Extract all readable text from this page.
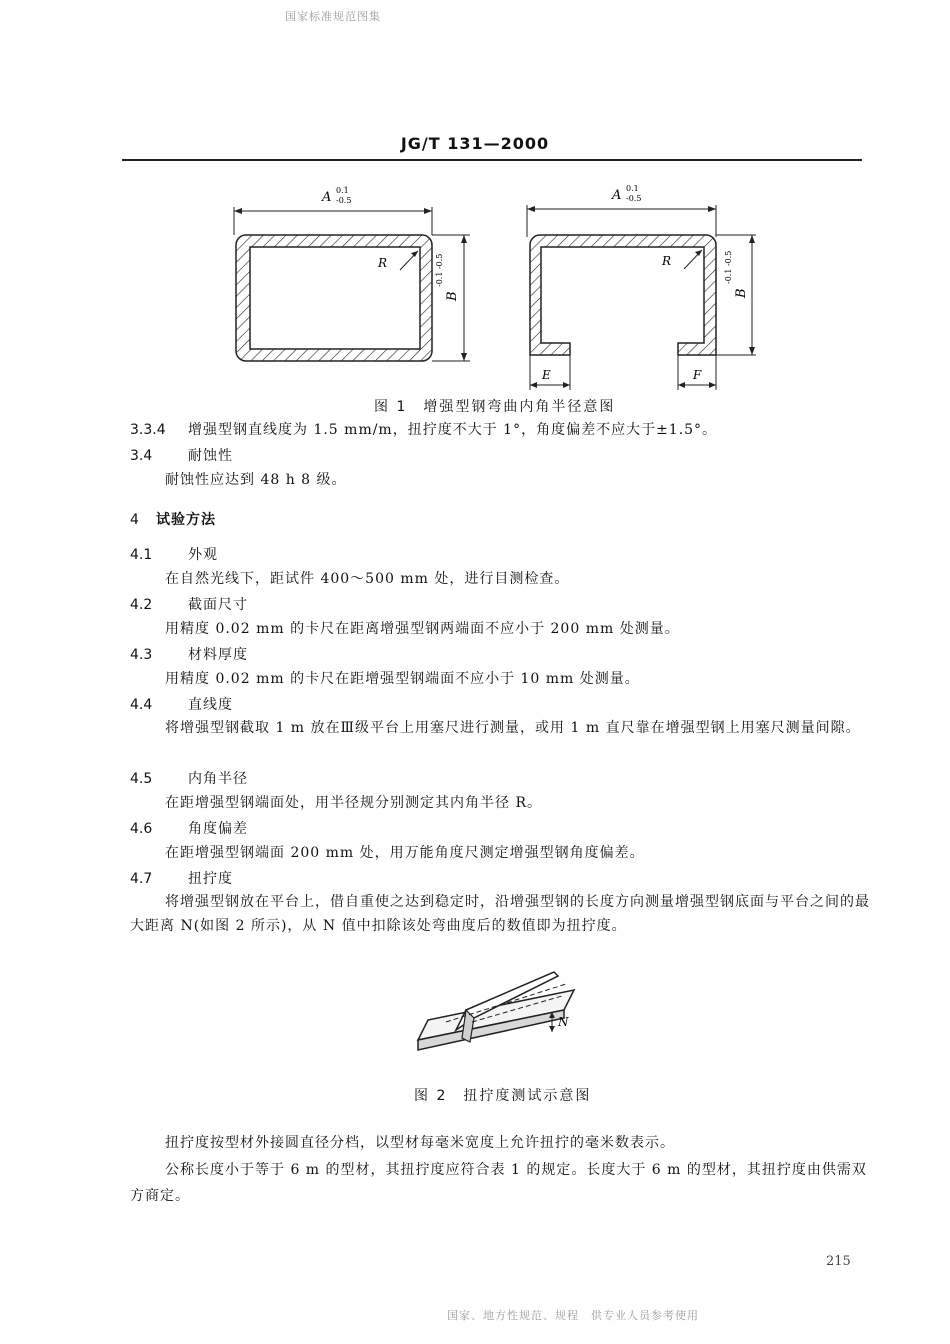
国家标准规范图集
JG/T 131—2000
A 0.1
-0.5
R
B
-0.1 -0.5
A 0.1
-0.5
R
B
-0.1 -0.5
E	F
图 1　增强型钢弯曲内角半径意图
3.3.4 增强型钢直线度为 1.5 mm/m，扭拧度不大于 1°，角度偏差不应大于±1.5°。
3.4	耐蚀性
耐蚀性应达到 48 h 8 级。
4 试验方法
4.1	外观
在自然光线下，距试件 400～500 mm 处，进行目测检查。
4.2	截面尺寸
用精度 0.02 mm 的卡尺在距离增强型钢两端面不应小于 200 mm 处测量。
4.3	材料厚度
用精度 0.02 mm 的卡尺在距增强型钢端面不应小于 10 mm 处测量。
4.4	直线度
将增强型钢截取 1 m 放在Ⅲ级平台上用塞尺进行测量，或用 1 m 直尺靠在增强型钢上用塞尺测量间隙。
4.5	内角半径
在距增强型钢端面处，用半径规分别测定其内角半径 R。
4.6	角度偏差
在距增强型钢端面 200 mm 处，用万能角度尺测定增强型钢角度偏差。
4.7	扭拧度
将增强型钢放在平台上，借自重使之达到稳定时，沿增强型钢的长度方向测量增强型钢底面与平台之间的最大距离 N(如图 2 所示)，从 N 值中扣除该处弯曲度后的数值即为扭拧度。
N
图 2　扭拧度测试示意图
扭拧度按型材外接圆直径分档，以型材每毫米宽度上允许扭拧的毫米数表示。
公称长度小于等于 6 m 的型材，其扭拧度应符合表 1 的规定。长度大于 6 m 的型材，其扭拧度由供需双方商定。
215
国家、地方性规范、规程　供专业人员参考使用
